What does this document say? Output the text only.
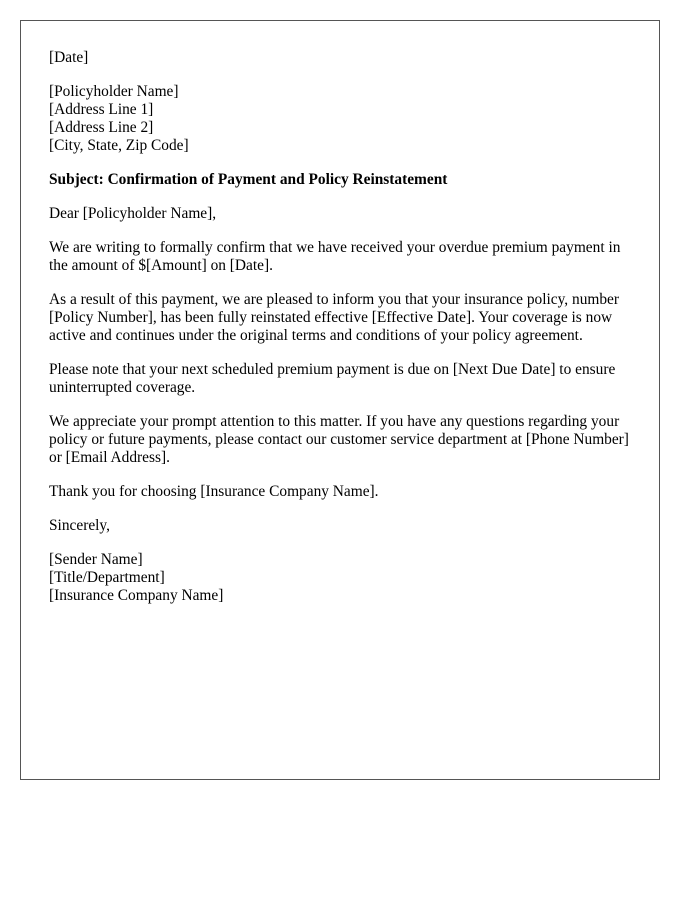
[Date]
[Policyholder Name]
[Address Line 1]
[Address Line 2]
[City, State, Zip Code]

Subject: Confirmation of Payment and Policy Reinstatement

Dear [Policyholder Name],

We are writing to formally confirm that we have received your overdue premium payment in the amount of $[Amount] on [Date].

As a result of this payment, we are pleased to inform you that your insurance policy, number [Policy Number], has been fully reinstated effective [Effective Date]. Your coverage is now active and continues under the original terms and conditions of your policy agreement.

Please note that your next scheduled premium payment is due on [Next Due Date] to ensure uninterrupted coverage.

We appreciate your prompt attention to this matter. If you have any questions regarding your policy or future payments, please contact our customer service department at [Phone Number] or [Email Address].

Thank you for choosing [Insurance Company Name].

Sincerely,

[Sender Name]
[Title/Department]
[Insurance Company Name]
